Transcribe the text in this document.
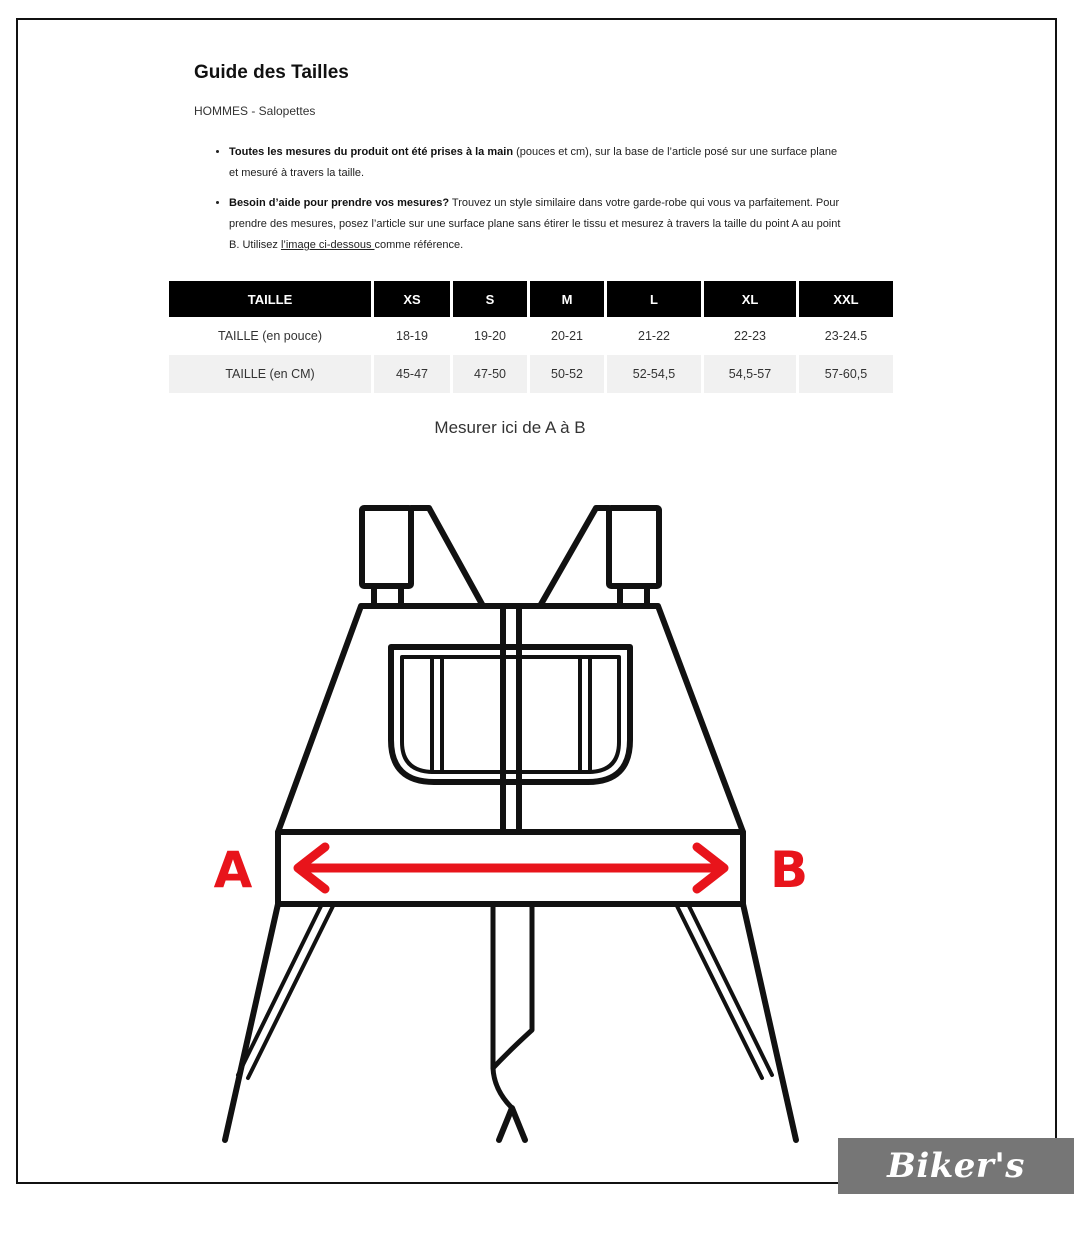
Guide des Tailles
HOMMES - Salopettes
• Toutes les mesures du produit ont été prises à la main (pouces et cm), sur la base de l’article posé sur une surface plane et mesuré à travers la taille.
• Besoin d’aide pour prendre vos mesures? Trouvez un style similaire dans votre garde-robe qui vous va parfaitement. Pour prendre des mesures, posez l’article sur une surface plane sans étirer le tissu et mesurez à travers la taille du point A au point B. Utilisez l’image ci-dessous comme référence.
TAILLE	XS	S	M	L	XL	XXL
TAILLE (en pouce)	18-19	19-20	20-21	21-22	22-23	23-24.5
TAILLE (en CM)	45-47	47-50	50-52	52-54,5	54,5-57	57-60,5
Mesurer ici de A à B
A	B
Biker's Store
